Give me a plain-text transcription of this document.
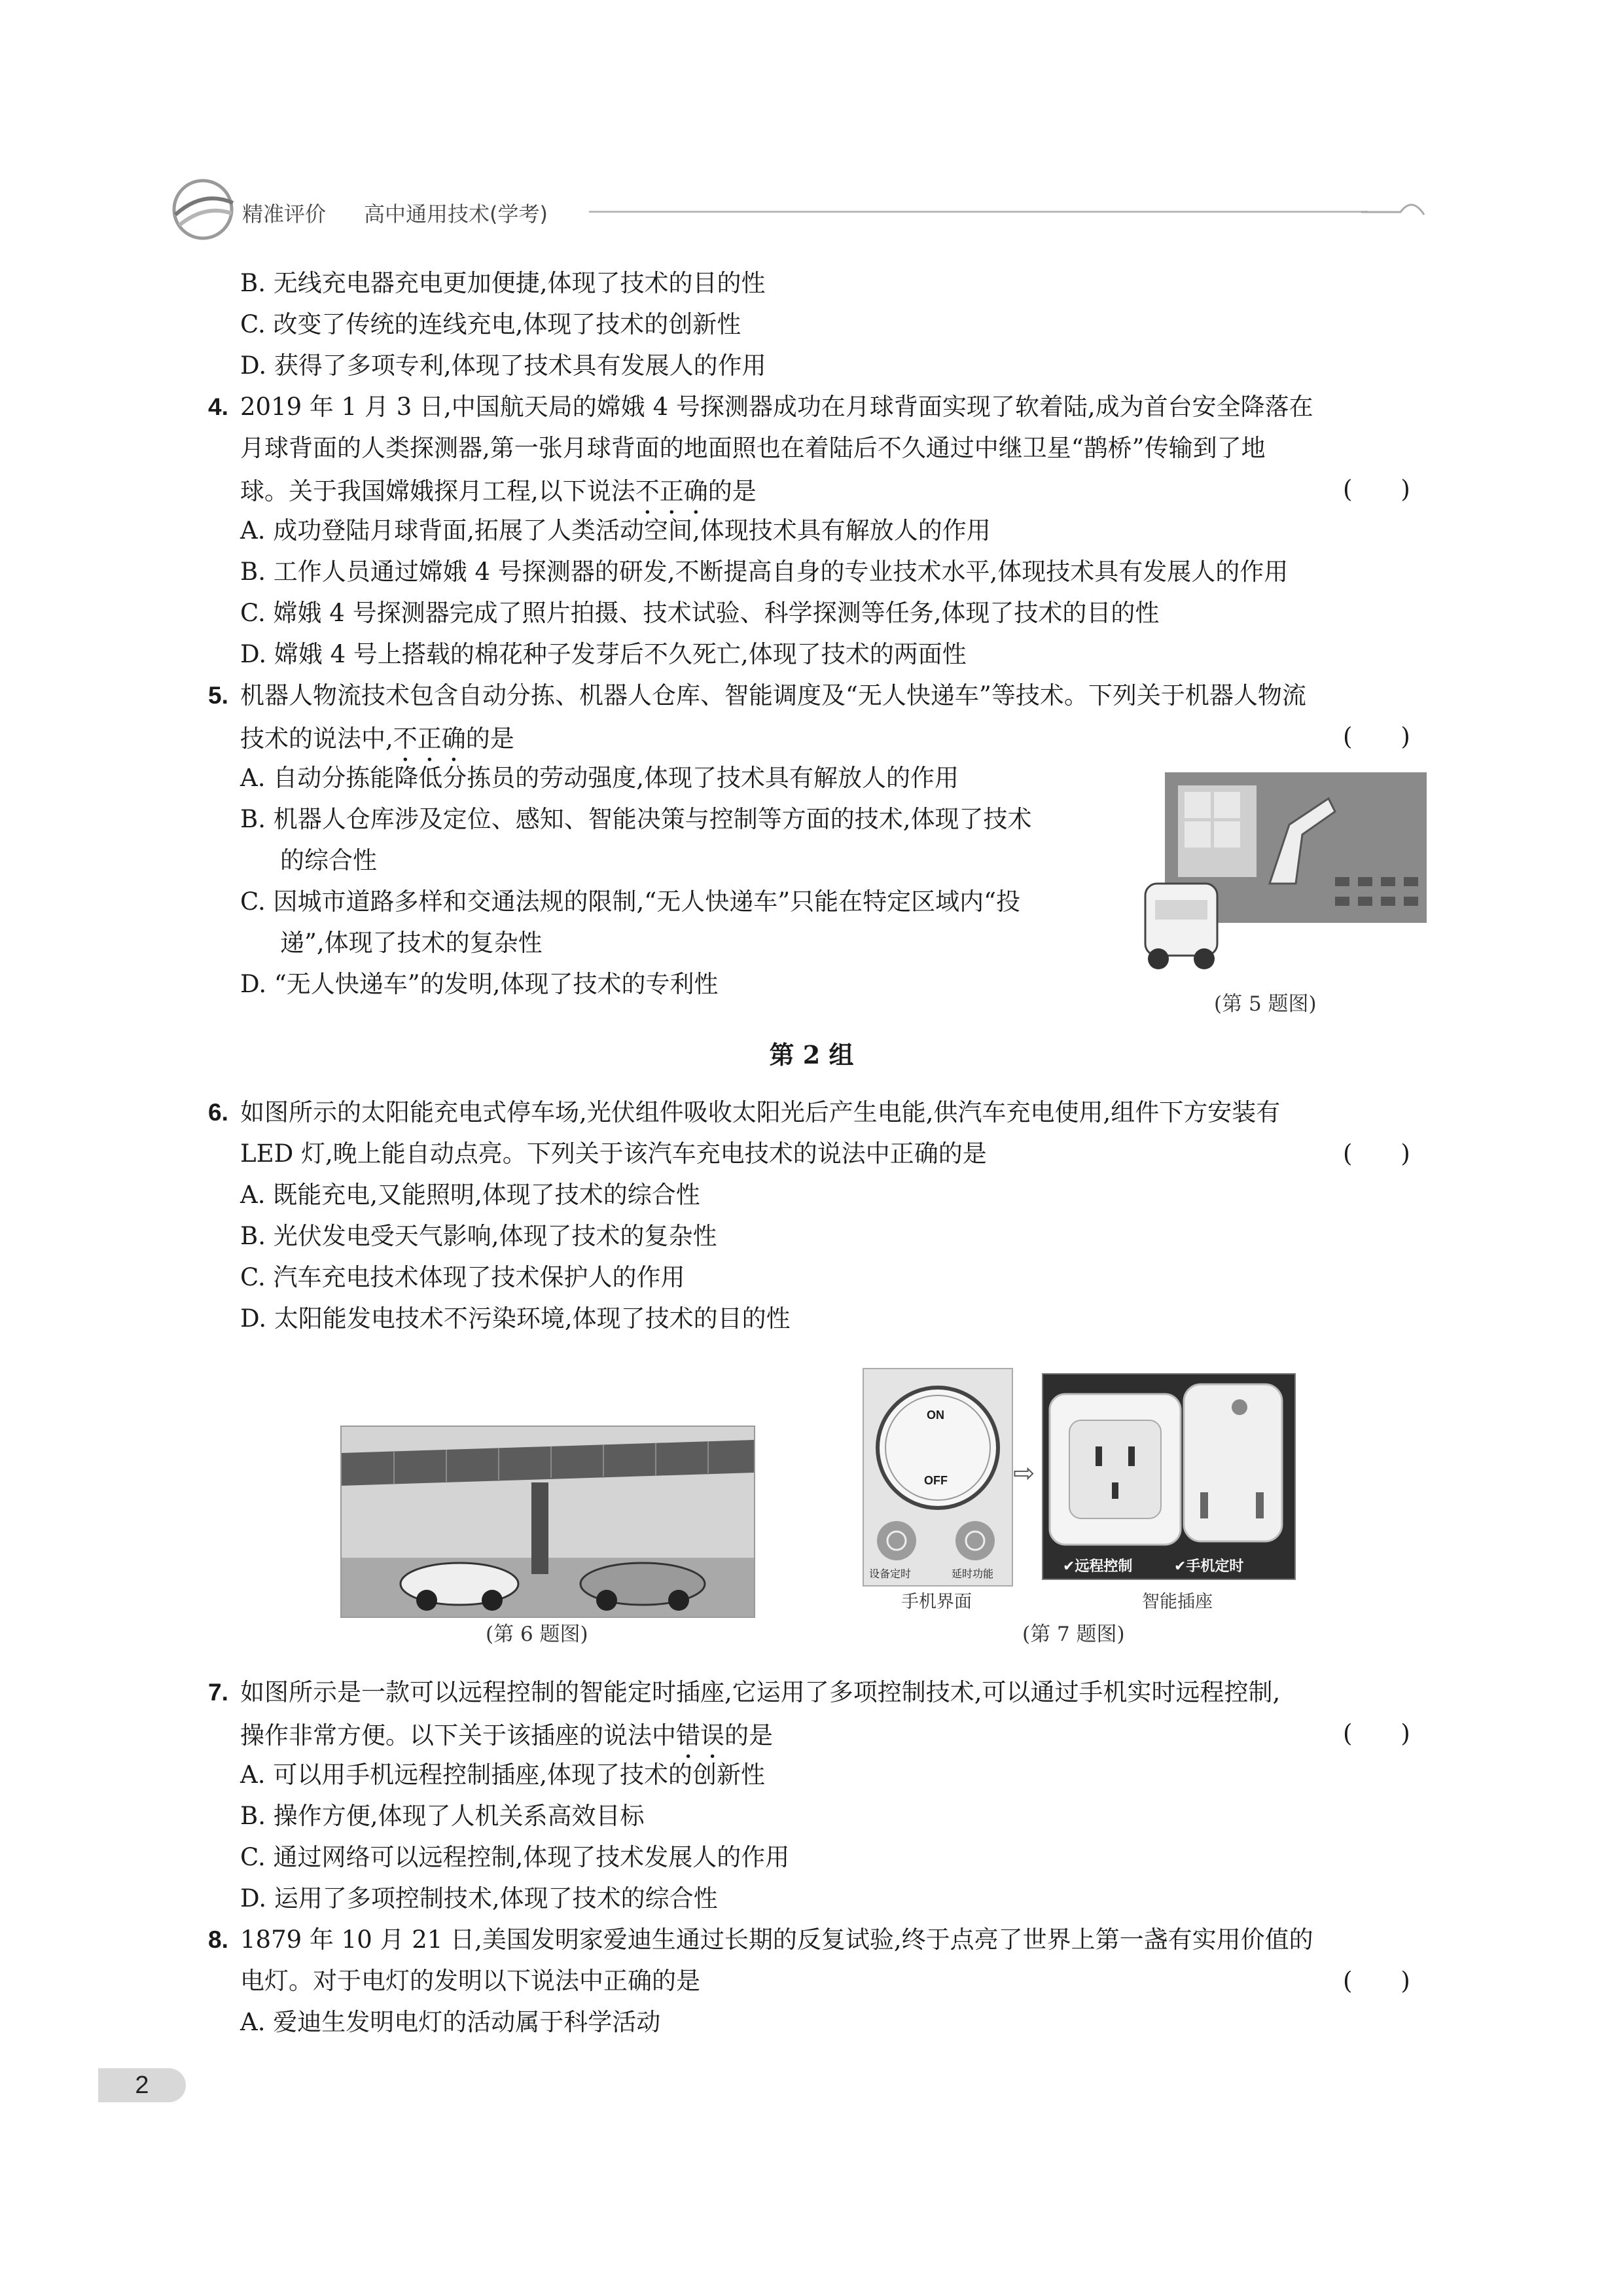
精准评价 高中通用技术(学考)
B. 无线充电器充电更加便捷,体现了技术的目的性
C. 改变了传统的连线充电,体现了技术的创新性
D. 获得了多项专利,体现了技术具有发展人的作用
4. 2019 年 1 月 3 日,中国航天局的嫦娥 4 号探测器成功在月球背面实现了软着陆,成为首台安全降落在
月球背面的人类探测器,第一张月球背面的地面照也在着陆后不久通过中继卫星“鹊桥”传输到了地
球。关于我国嫦娥探月工程,以下说法不正确的是	(　　)
A. 成功登陆月球背面,拓展了人类活动空间,体现技术具有解放人的作用
B. 工作人员通过嫦娥 4 号探测器的研发,不断提高自身的专业技术水平,体现技术具有发展人的作用
C. 嫦娥 4 号探测器完成了照片拍摄、技术试验、科学探测等任务,体现了技术的目的性
D. 嫦娥 4 号上搭载的棉花种子发芽后不久死亡,体现了技术的两面性
5. 机器人物流技术包含自动分拣、机器人仓库、智能调度及“无人快递车”等技术。下列关于机器人物流
技术的说法中,不正确的是	(　　)
A. 自动分拣能降低分拣员的劳动强度,体现了技术具有解放人的作用
B. 机器人仓库涉及定位、感知、智能决策与控制等方面的技术,体现了技术
的综合性
C. 因城市道路多样和交通法规的限制,“无人快递车”只能在特定区域内“投
递”,体现了技术的复杂性
D. “无人快递车”的发明,体现了技术的专利性
(第 5 题图)
第 2 组
6. 如图所示的太阳能充电式停车场,光伏组件吸收太阳光后产生电能,供汽车充电使用,组件下方安装有
LED 灯,晚上能自动点亮。下列关于该汽车充电技术的说法中正确的是	(　　)
A. 既能充电,又能照明,体现了技术的综合性
B. 光伏发电受天气影响,体现了技术的复杂性
C. 汽车充电技术体现了技术保护人的作用
D. 太阳能发电技术不污染环境,体现了技术的目的性
(第 6 题图)
ON
OFF
设备定时	延时功能
⇨
✔远程控制	✔手机定时
手机界面	智能插座
(第 7 题图)
7. 如图所示是一款可以远程控制的智能定时插座,它运用了多项控制技术,可以通过手机实时远程控制,
操作非常方便。以下关于该插座的说法中错误的是	(　　)
A. 可以用手机远程控制插座,体现了技术的创新性
B. 操作方便,体现了人机关系高效目标
C. 通过网络可以远程控制,体现了技术发展人的作用
D. 运用了多项控制技术,体现了技术的综合性
8. 1879 年 10 月 21 日,美国发明家爱迪生通过长期的反复试验,终于点亮了世界上第一盏有实用价值的
电灯。对于电灯的发明以下说法中正确的是	(　　)
A. 爱迪生发明电灯的活动属于科学活动
2
